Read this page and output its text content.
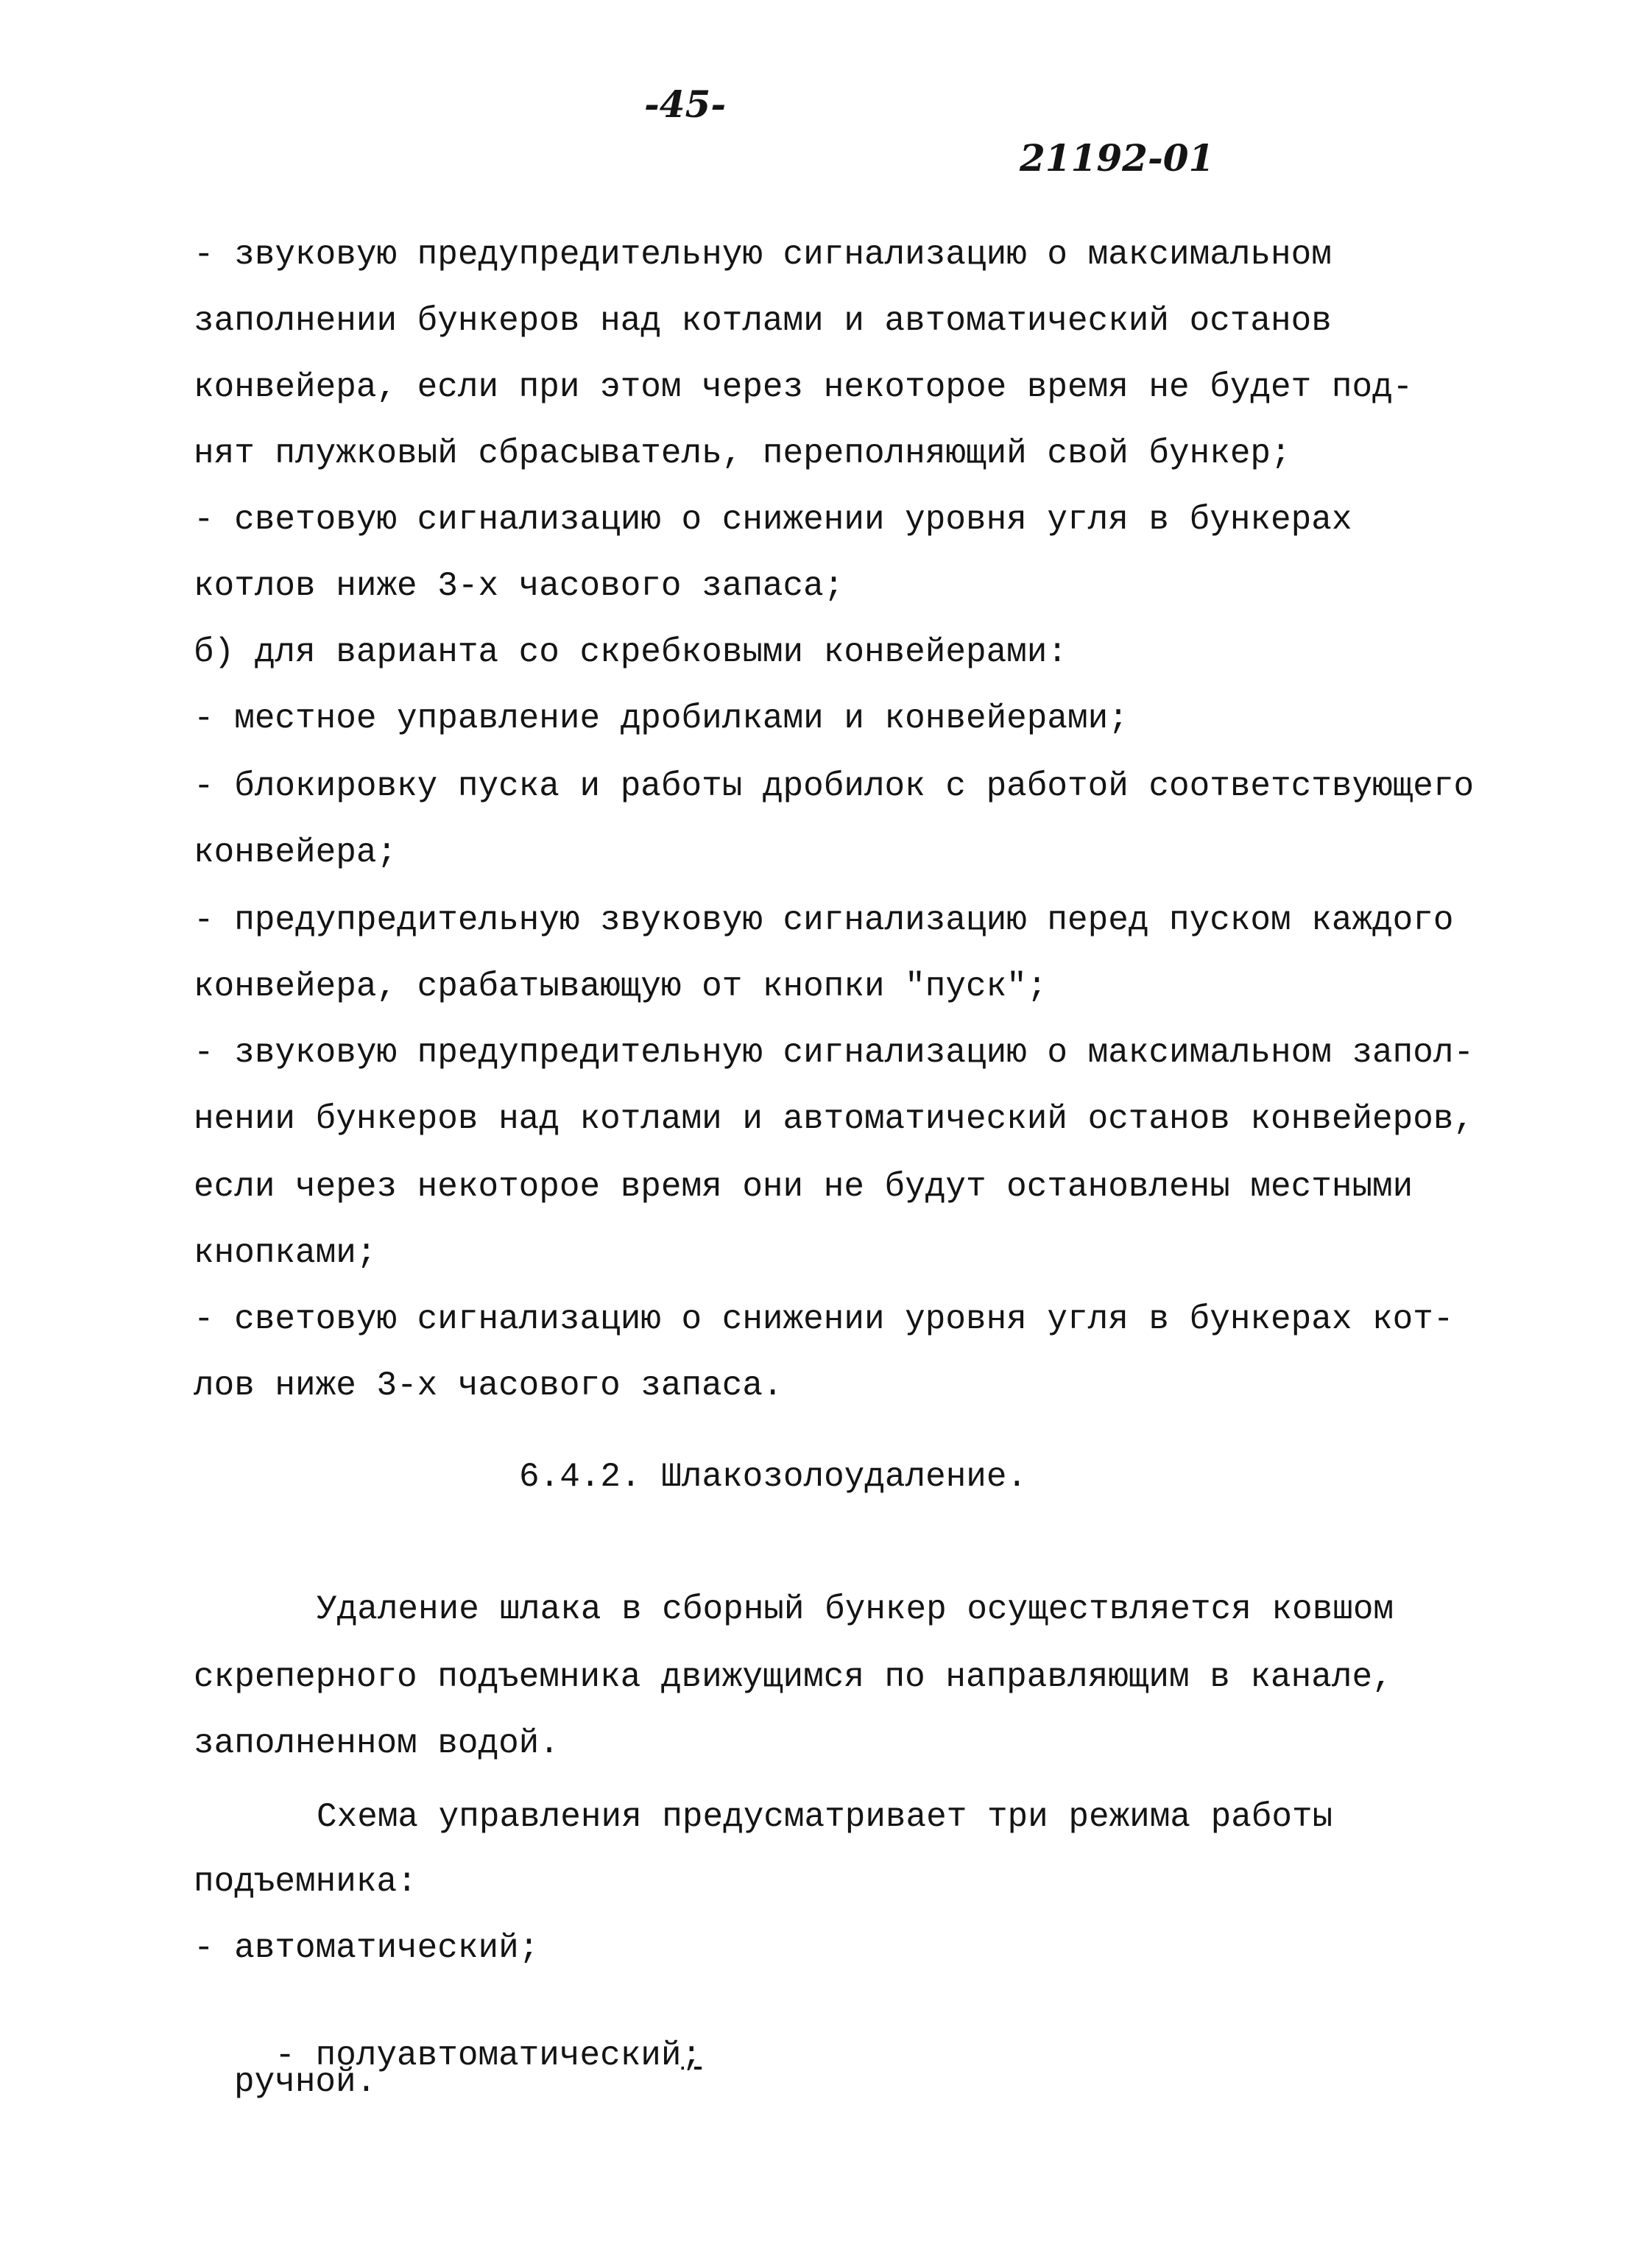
-45-
21192-01
- звуковую предупредительную сигнализацию о максимальном
заполнении бункеров над котлами и автоматический останов
конвейера, если при этом через некоторое время не будет под-
нят плужковый сбрасыватель, переполняющий свой бункер;
- световую сигнализацию о снижении уровня угля в бункерах
котлов ниже 3-х часового запаса;
б) для варианта со скребковыми конвейерами:
- местное управление дробилками и конвейерами;
- блокировку пуска и работы дробилок с работой соответствующего
конвейера;
- предупредительную звуковую сигнализацию перед пуском каждого
конвейера, срабатывающую от кнопки "пуск";
- звуковую предупредительную сигнализацию о максимальном запол-
нении бункеров над котлами и автоматический останов конвейеров,
если через некоторое время они не будут остановлены местными
кнопками;
- световую сигнализацию о снижении уровня угля в бункерах кот-
лов ниже 3-х часового запаса.
6.4.2. Шлакозолоудаление.
Удаление шлака в сборный бункер осуществляется ковшом
скреперного подъемника движущимся по направляющим в канале,
заполненном водой.
Схема управления предусматривает три режима работы
подъемника:
- автоматический;

- полуавтоматический;

ручной.
